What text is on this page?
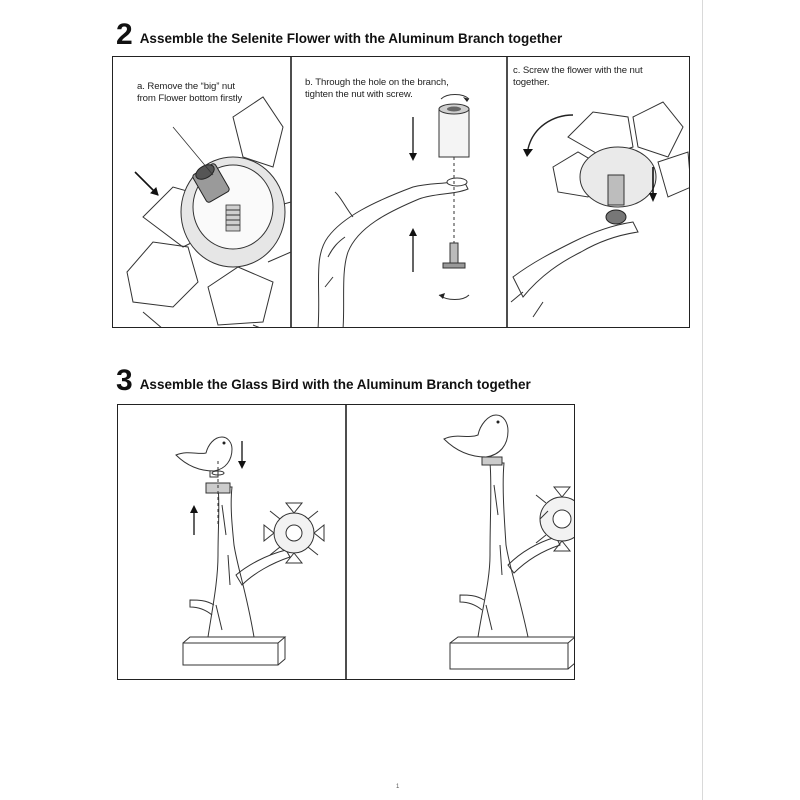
2 Assemble the Selenite Flower with the Aluminum Branch together
a. Remove the “big” nut
from Flower bottom firstly
b. Through the hole on the branch,
tighten the nut with screw.
c. Screw the flower with the nut
together.
3 Assemble the Glass Bird with the Aluminum Branch together
1
